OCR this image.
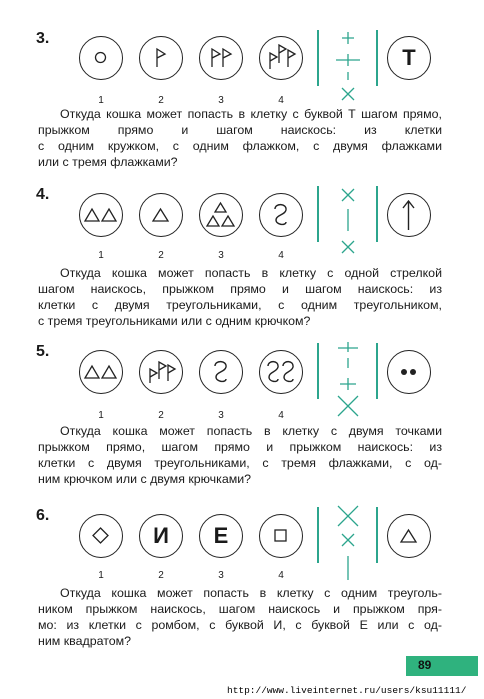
3.
1	2	3	4
Т
Откуда кошка может попасть в клетку с буквой Т шагом прямо, прыжком прямо и шагом наискось: из клетки
с одним кружком, с одним флажком, с двумя флажками
или с тремя флажками?
4.
1	2	3	4
Откуда кошка может попасть в клетку с одной стрелкой
шагом наискось, прыжком прямо и шагом наискось: из
клетки с двумя треугольниками, с одним треугольником,
с тремя треугольниками или с одним крючком?
5.
1	2	3	4
Откуда кошка может попасть в клетку с двумя точками
прыжком прямо, шагом прямо и прыжком наискось: из
клетки с двумя треугольниками, с тремя флажками, с од-
ним крючком или с двумя крючками?
6.
И	Е
1	2	3	4
Откуда кошка может попасть в клетку с одним треуголь-
ником прыжком наискось, шагом наискось и прыжком пря-
мо: из клетки с ромбом, с буквой И, с буквой Е или с од-
ним квадратом?
89
http://www.liveinternet.ru/users/ksu11111/
